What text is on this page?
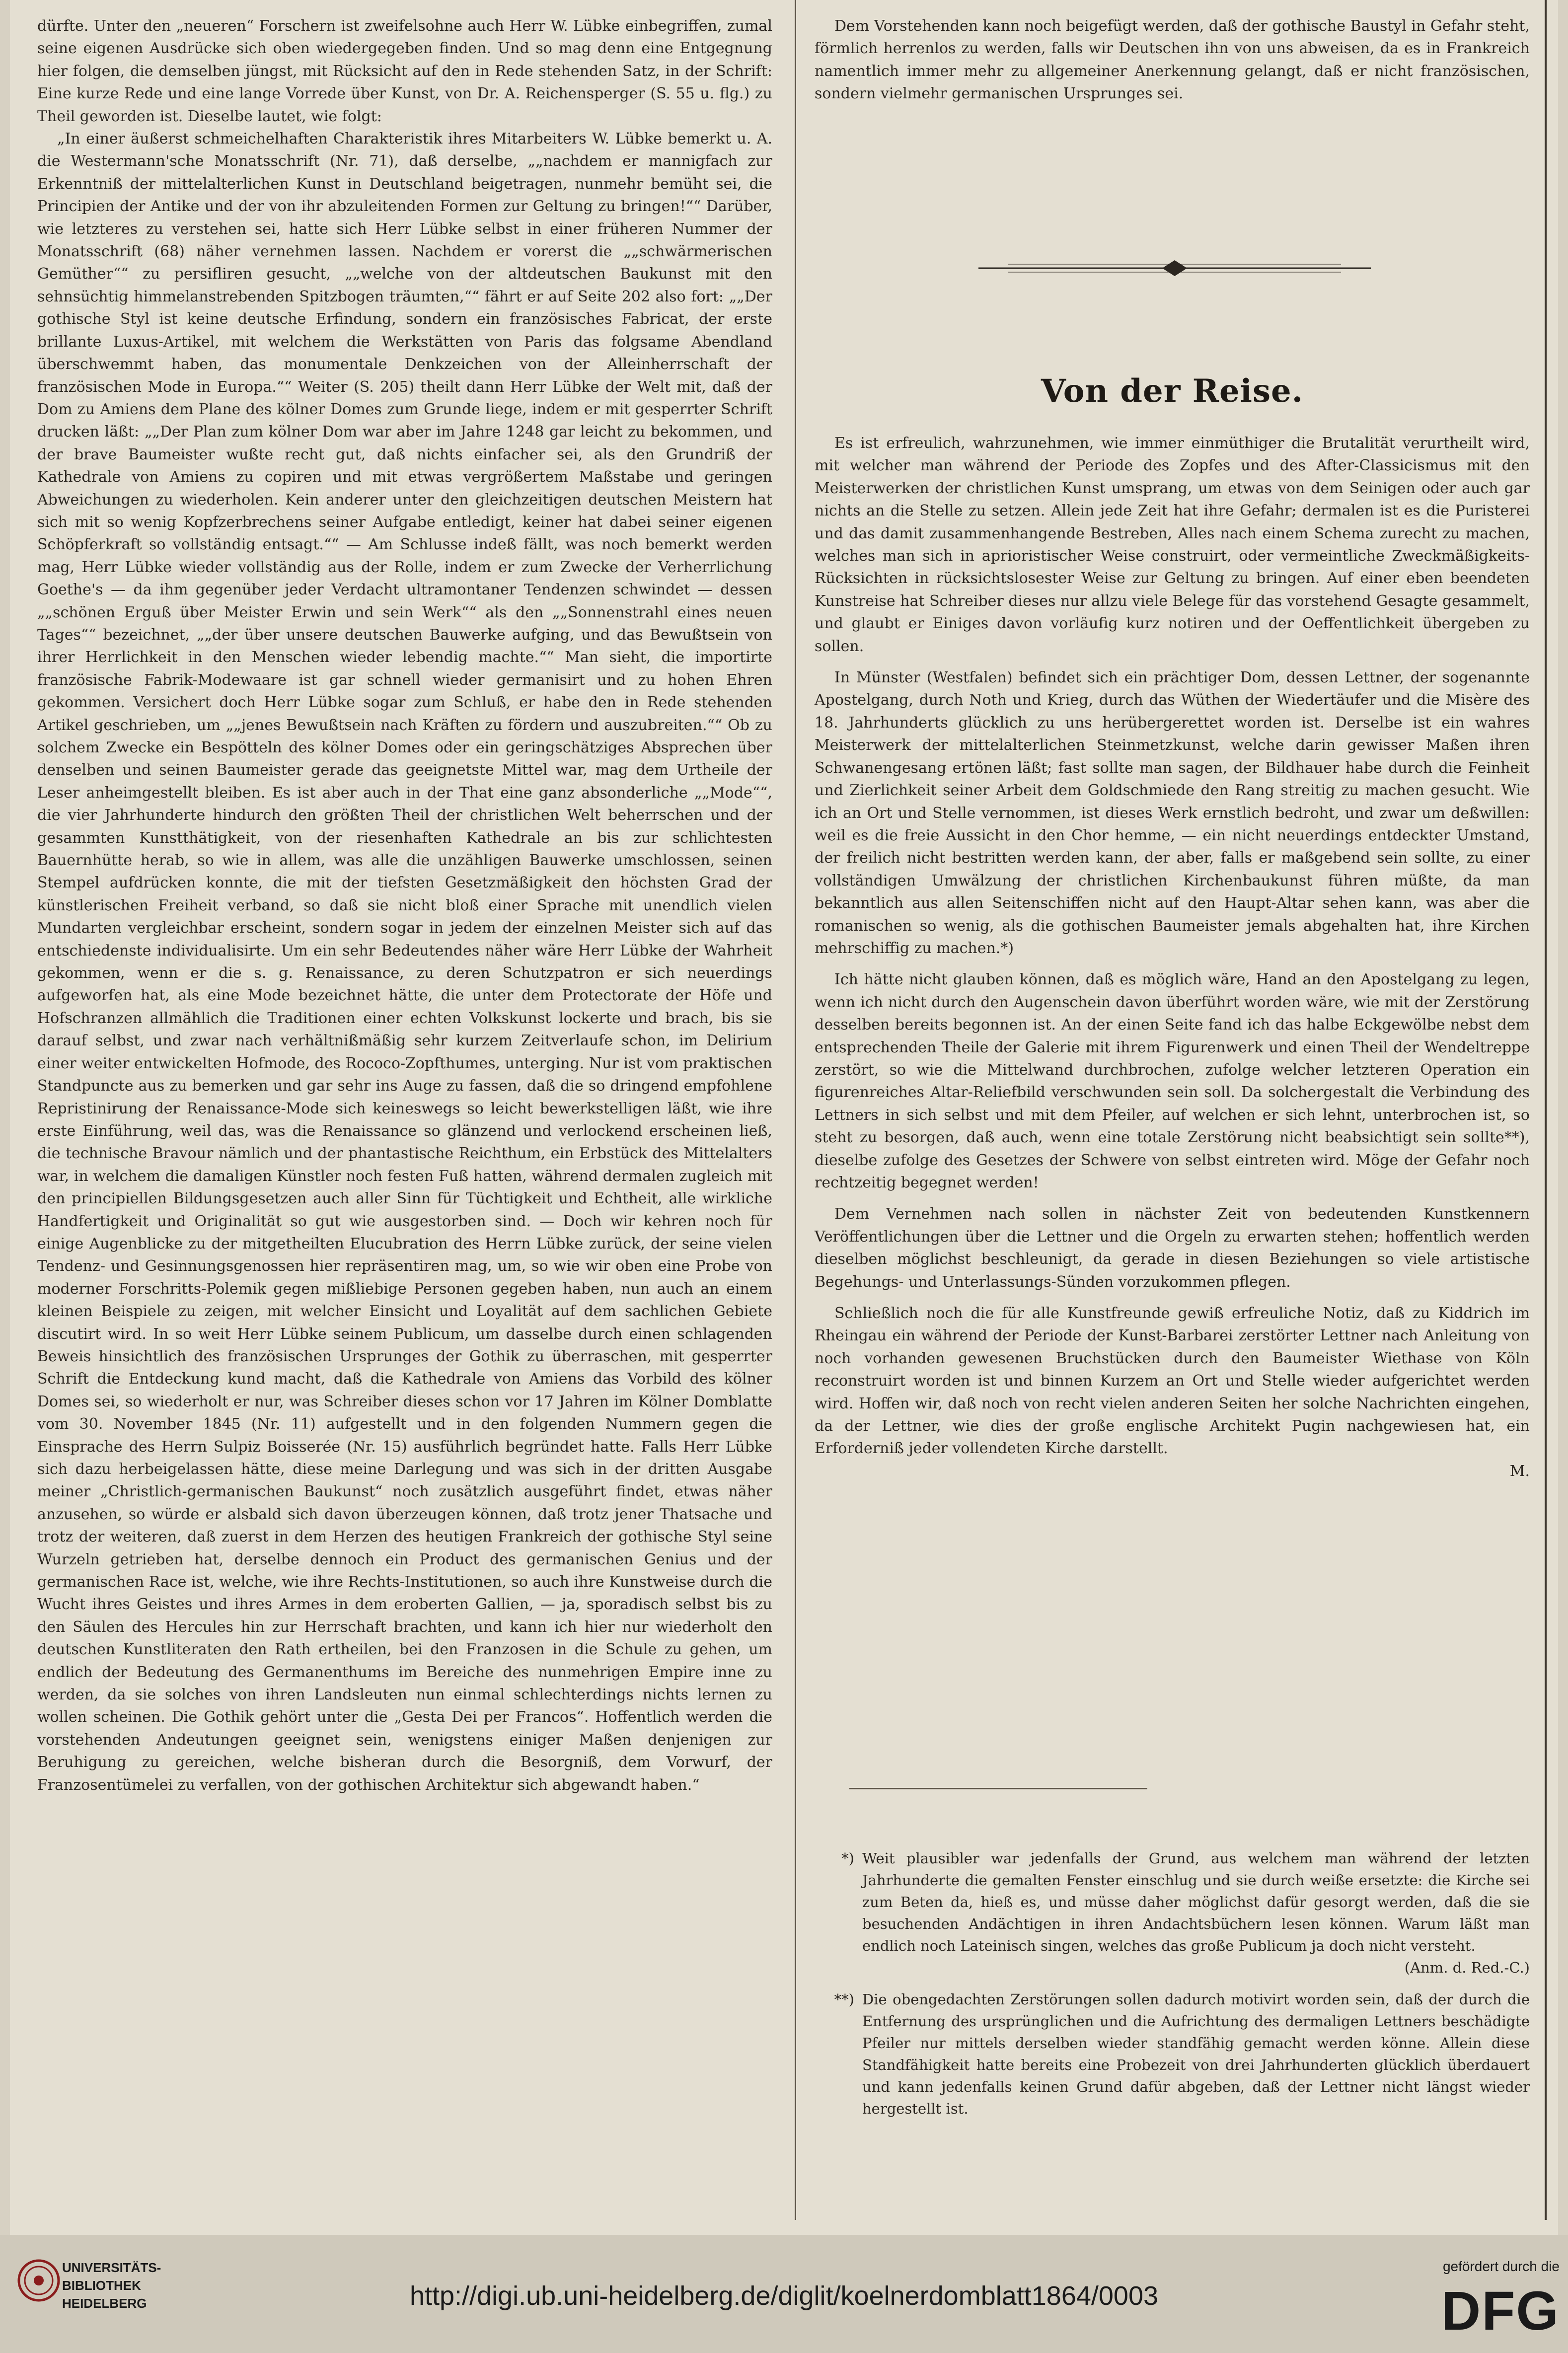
dürfte. Unter den „neueren“ Forschern ist zweifelsohne auch Herr W. Lübke einbegriffen, zumal seine eigenen Ausdrücke sich oben wiedergegeben finden. Und so mag denn eine Entgegnung hier folgen, die demselben jüngst, mit Rücksicht auf den in Rede stehenden Satz, in der Schrift: Eine kurze Rede und eine lange Vorrede über Kunst, von Dr. A. Reichensperger (S. 55 u. flg.) zu Theil geworden ist. Dieselbe lautet, wie folgt:

„In einer äußerst schmeichelhaften Charakteristik ihres Mitarbeiters W. Lübke bemerkt u. A. die Westermann'sche Monatsschrift (Nr. 71), daß derselbe, „„nachdem er mannigfach zur Erkenntniß der mittelalterlichen Kunst in Deutschland beigetragen, nunmehr bemüht sei, die Principien der Antike und der von ihr abzuleitenden Formen zur Geltung zu bringen!““ Darüber, wie letzteres zu verstehen sei, hatte sich Herr Lübke selbst in einer früheren Nummer der Monatsschrift (68) näher vernehmen lassen. Nachdem er vorerst die „„schwärmerischen Gemüther““ zu persifliren gesucht, „„welche von der altdeutschen Baukunst mit den sehnsüchtig himmelanstrebenden Spitzbogen träumten,““ fährt er auf Seite 202 also fort: „„Der gothische Styl ist keine deutsche Erfindung, sondern ein französisches Fabricat, der erste brillante Luxus-Artikel, mit welchem die Werkstätten von Paris das folgsame Abendland überschwemmt haben, das monumentale Denkzeichen von der Alleinherrschaft der französischen Mode in Europa.““ Weiter (S. 205) theilt dann Herr Lübke der Welt mit, daß der Dom zu Amiens dem Plane des kölner Domes zum Grunde liege, indem er mit gesperrter Schrift drucken läßt: „„Der Plan zum kölner Dom war aber im Jahre 1248 gar leicht zu bekommen, und der brave Baumeister wußte recht gut, daß nichts einfacher sei, als den Grundriß der Kathedrale von Amiens zu copiren und mit etwas vergrößertem Maßstabe und geringen Abweichungen zu wiederholen. Kein anderer unter den gleichzeitigen deutschen Meistern hat sich mit so wenig Kopfzerbrechens seiner Aufgabe entledigt, keiner hat dabei seiner eigenen Schöpferkraft so vollständig entsagt.““ — Am Schlusse indeß fällt, was noch bemerkt werden mag, Herr Lübke wieder vollständig aus der Rolle, indem er zum Zwecke der Verherrlichung Goethe's — da ihm gegenüber jeder Verdacht ultramontaner Tendenzen schwindet — dessen „„schönen Erguß über Meister Erwin und sein Werk““ als den „„Sonnenstrahl eines neuen Tages““ bezeichnet, „„der über unsere deutschen Bauwerke aufging, und das Bewußtsein von ihrer Herrlichkeit in den Menschen wieder lebendig machte.““ Man sieht, die importirte französische Fabrik-Modewaare ist gar schnell wieder germanisirt und zu hohen Ehren gekommen. Versichert doch Herr Lübke sogar zum Schluß, er habe den in Rede stehenden Artikel geschrieben, um „„jenes Bewußtsein nach Kräften zu fördern und auszubreiten.““ Ob zu solchem Zwecke ein Bespötteln des kölner Domes oder ein geringschätziges Absprechen über denselben und seinen Baumeister gerade das geeignetste Mittel war, mag dem Urtheile der Leser anheimgestellt bleiben. Es ist aber auch in der That eine ganz absonderliche „„Mode““, die vier Jahrhunderte hindurch den größten Theil der christlichen Welt beherrschen und der gesammten Kunstthätigkeit, von der riesenhaften Kathedrale an bis zur schlichtesten Bauernhütte herab, so wie in allem, was alle die unzähligen Bauwerke umschlossen, seinen Stempel aufdrücken konnte, die mit der tiefsten Gesetzmäßigkeit den höchsten Grad der künstlerischen Freiheit verband, so daß sie nicht bloß einer Sprache mit unendlich vielen Mundarten vergleichbar erscheint, sondern sogar in jedem der einzelnen Meister sich auf das entschiedenste individualisirte. Um ein sehr Bedeutendes näher wäre Herr Lübke der Wahrheit gekommen, wenn er die s. g. Renaissance, zu deren Schutzpatron er sich neuerdings aufgeworfen hat, als eine Mode bezeichnet hätte, die unter dem Protectorate der Höfe und Hofschranzen allmählich die Traditionen einer echten Volkskunst lockerte und brach, bis sie darauf selbst, und zwar nach verhältnißmäßig sehr kurzem Zeitverlaufe schon, im Delirium einer weiter entwickelten Hofmode, des Rococo-Zopfthumes, unterging. Nur ist vom praktischen Standpuncte aus zu bemerken und gar sehr ins Auge zu fassen, daß die so dringend empfohlene Repristinirung der Renaissance-Mode sich keineswegs so leicht bewerkstelligen läßt, wie ihre erste Einführung, weil das, was die Renaissance so glänzend und verlockend erscheinen ließ, die technische Bravour nämlich und der phantastische Reichthum, ein Erbstück des Mittelalters war, in welchem die damaligen Künstler noch festen Fuß hatten, während dermalen zugleich mit den principiellen Bildungsgesetzen auch aller Sinn für Tüchtigkeit und Echtheit, alle wirkliche Handfertigkeit und Originalität so gut wie ausgestorben sind. — Doch wir kehren noch für einige Augenblicke zu der mitgetheilten Elucubration des Herrn Lübke zurück, der seine vielen Tendenz- und Gesinnungsgenossen hier repräsentiren mag, um, so wie wir oben eine Probe von moderner Forschritts-Polemik gegen mißliebige Personen gegeben haben, nun auch an einem kleinen Beispiele zu zeigen, mit welcher Einsicht und Loyalität auf dem sachlichen Gebiete discutirt wird. In so weit Herr Lübke seinem Publicum, um dasselbe durch einen schlagenden Beweis hinsichtlich des französischen Ursprunges der Gothik zu überraschen, mit gesperrter Schrift die Entdeckung kund macht, daß die Kathedrale von Amiens das Vorbild des kölner Domes sei, so wiederholt er nur, was Schreiber dieses schon vor 17 Jahren im Kölner Domblatte vom 30. November 1845 (Nr. 11) aufgestellt und in den folgenden Nummern gegen die Einsprache des Herrn Sulpiz Boisserée (Nr. 15) ausführlich begründet hatte. Falls Herr Lübke sich dazu herbeigelassen hätte, diese meine Darlegung und was sich in der dritten Ausgabe meiner „Christlich-germanischen Baukunst“ noch zusätzlich ausgeführt findet, etwas näher anzusehen, so würde er alsbald sich davon überzeugen können, daß trotz jener Thatsache und trotz der weiteren, daß zuerst in dem Herzen des heutigen Frankreich der gothische Styl seine Wurzeln getrieben hat, derselbe dennoch ein Product des germanischen Genius und der germanischen Race ist, welche, wie ihre Rechts-Institutionen, so auch ihre Kunstweise durch die Wucht ihres Geistes und ihres Armes in dem eroberten Gallien, — ja, sporadisch selbst bis zu den Säulen des Hercules hin zur Herrschaft brachten, und kann ich hier nur wiederholt den deutschen Kunstliteraten den Rath ertheilen, bei den Franzosen in die Schule zu gehen, um endlich der Bedeutung des Germanenthums im Bereiche des nunmehrigen Empire inne zu werden, da sie solches von ihren Landsleuten nun einmal schlechterdings nichts lernen zu wollen scheinen. Die Gothik gehört unter die „Gesta Dei per Francos“. Hoffentlich werden die vorstehenden Andeutungen geeignet sein, wenigstens einiger Maßen denjenigen zur Beruhigung zu gereichen, welche bisheran durch die Besorgniß, dem Vorwurf, der Franzosentümelei zu verfallen, von der gothischen Architektur sich abgewandt haben.“

Dem Vorstehenden kann noch beigefügt werden, daß der gothische Baustyl in Gefahr steht, förmlich herrenlos zu werden, falls wir Deutschen ihn von uns abweisen, da es in Frankreich namentlich immer mehr zu allgemeiner Anerkennung gelangt, daß er nicht französischen, sondern vielmehr germanischen Ursprunges sei.

Von der Reise.

Es ist erfreulich, wahrzunehmen, wie immer einmüthiger die Brutalität verurtheilt wird, mit welcher man während der Periode des Zopfes und des After-Classicismus mit den Meisterwerken der christlichen Kunst umsprang, um etwas von dem Seinigen oder auch gar nichts an die Stelle zu setzen. Allein jede Zeit hat ihre Gefahr; dermalen ist es die Puristerei und das damit zusammenhangende Bestreben, Alles nach einem Schema zurecht zu machen, welches man sich in aprioristischer Weise construirt, oder vermeintliche Zweckmäßigkeits-Rücksichten in rücksichtslosester Weise zur Geltung zu bringen. Auf einer eben beendeten Kunstreise hat Schreiber dieses nur allzu viele Belege für das vorstehend Gesagte gesammelt, und glaubt er Einiges davon vorläufig kurz notiren und der Oeffentlichkeit übergeben zu sollen.

In Münster (Westfalen) befindet sich ein prächtiger Dom, dessen Lettner, der sogenannte Apostelgang, durch Noth und Krieg, durch das Wüthen der Wiedertäufer und die Misère des 18. Jahrhunderts glücklich zu uns herübergerettet worden ist. Derselbe ist ein wahres Meisterwerk der mittelalterlichen Steinmetzkunst, welche darin gewisser Maßen ihren Schwanengesang ertönen läßt; fast sollte man sagen, der Bildhauer habe durch die Feinheit und Zierlichkeit seiner Arbeit dem Goldschmiede den Rang streitig zu machen gesucht. Wie ich an Ort und Stelle vernommen, ist dieses Werk ernstlich bedroht, und zwar um deßwillen: weil es die freie Aussicht in den Chor hemme, — ein nicht neuerdings entdeckter Umstand, der freilich nicht bestritten werden kann, der aber, falls er maßgebend sein sollte, zu einer vollständigen Umwälzung der christlichen Kirchenbaukunst führen müßte, da man bekanntlich aus allen Seitenschiffen nicht auf den Haupt-Altar sehen kann, was aber die romanischen so wenig, als die gothischen Baumeister jemals abgehalten hat, ihre Kirchen mehrschiffig zu machen.*)

Ich hätte nicht glauben können, daß es möglich wäre, Hand an den Apostelgang zu legen, wenn ich nicht durch den Augenschein davon überführt worden wäre, wie mit der Zerstörung desselben bereits begonnen ist. An der einen Seite fand ich das halbe Eckgewölbe nebst dem entsprechenden Theile der Galerie mit ihrem Figurenwerk und einen Theil der Wendeltreppe zerstört, so wie die Mittelwand durchbrochen, zufolge welcher letzteren Operation ein figurenreiches Altar-Reliefbild verschwunden sein soll. Da solchergestalt die Verbindung des Lettners in sich selbst und mit dem Pfeiler, auf welchen er sich lehnt, unterbrochen ist, so steht zu besorgen, daß auch, wenn eine totale Zerstörung nicht beabsichtigt sein sollte**), dieselbe zufolge des Gesetzes der Schwere von selbst eintreten wird. Möge der Gefahr noch rechtzeitig begegnet werden!

Dem Vernehmen nach sollen in nächster Zeit von bedeutenden Kunstkennern Veröffentlichungen über die Lettner und die Orgeln zu erwarten stehen; hoffentlich werden dieselben möglichst beschleunigt, da gerade in diesen Beziehungen so viele artistische Begehungs- und Unterlassungs-Sünden vorzukommen pflegen.

Schließlich noch die für alle Kunstfreunde gewiß erfreuliche Notiz, daß zu Kiddrich im Rheingau ein während der Periode der Kunst-Barbarei zerstörter Lettner nach Anleitung von noch vorhanden gewesenen Bruchstücken durch den Baumeister Wiethase von Köln reconstruirt worden ist und binnen Kurzem an Ort und Stelle wieder aufgerichtet werden wird. Hoffen wir, daß noch von recht vielen anderen Seiten her solche Nachrichten eingehen, da der Lettner, wie dies der große englische Architekt Pugin nachgewiesen hat, ein Erforderniß jeder vollendeten Kirche darstellt.

M.

*) Weit plausibler war jedenfalls der Grund, aus welchem man während der letzten Jahrhunderte die gemalten Fenster einschlug und sie durch weiße ersetzte: die Kirche sei zum Beten da, hieß es, und müsse daher möglichst dafür gesorgt werden, daß die sie besuchenden Andächtigen in ihren Andachtsbüchern lesen können. Warum läßt man endlich noch Lateinisch singen, welches das große Publicum ja doch nicht versteht.
(Anm. d. Red.-C.)
**) Die obengedachten Zerstörungen sollen dadurch motivirt worden sein, daß der durch die Entfernung des ursprünglichen und die Aufrichtung des dermaligen Lettners beschädigte Pfeiler nur mittels derselben wieder standfähig gemacht werden könne. Allein diese Standfähigkeit hatte bereits eine Probezeit von drei Jahrhunderten glücklich überdauert und kann jedenfalls keinen Grund dafür abgeben, daß der Lettner nicht längst wieder hergestellt ist.
UNIVERSITÄTS-
BIBLIOTHEK
HEIDELBERG	http://digi.ub.uni-heidelberg.de/diglit/koelnerdomblatt1864/0003
gefördert durch die
DFG
